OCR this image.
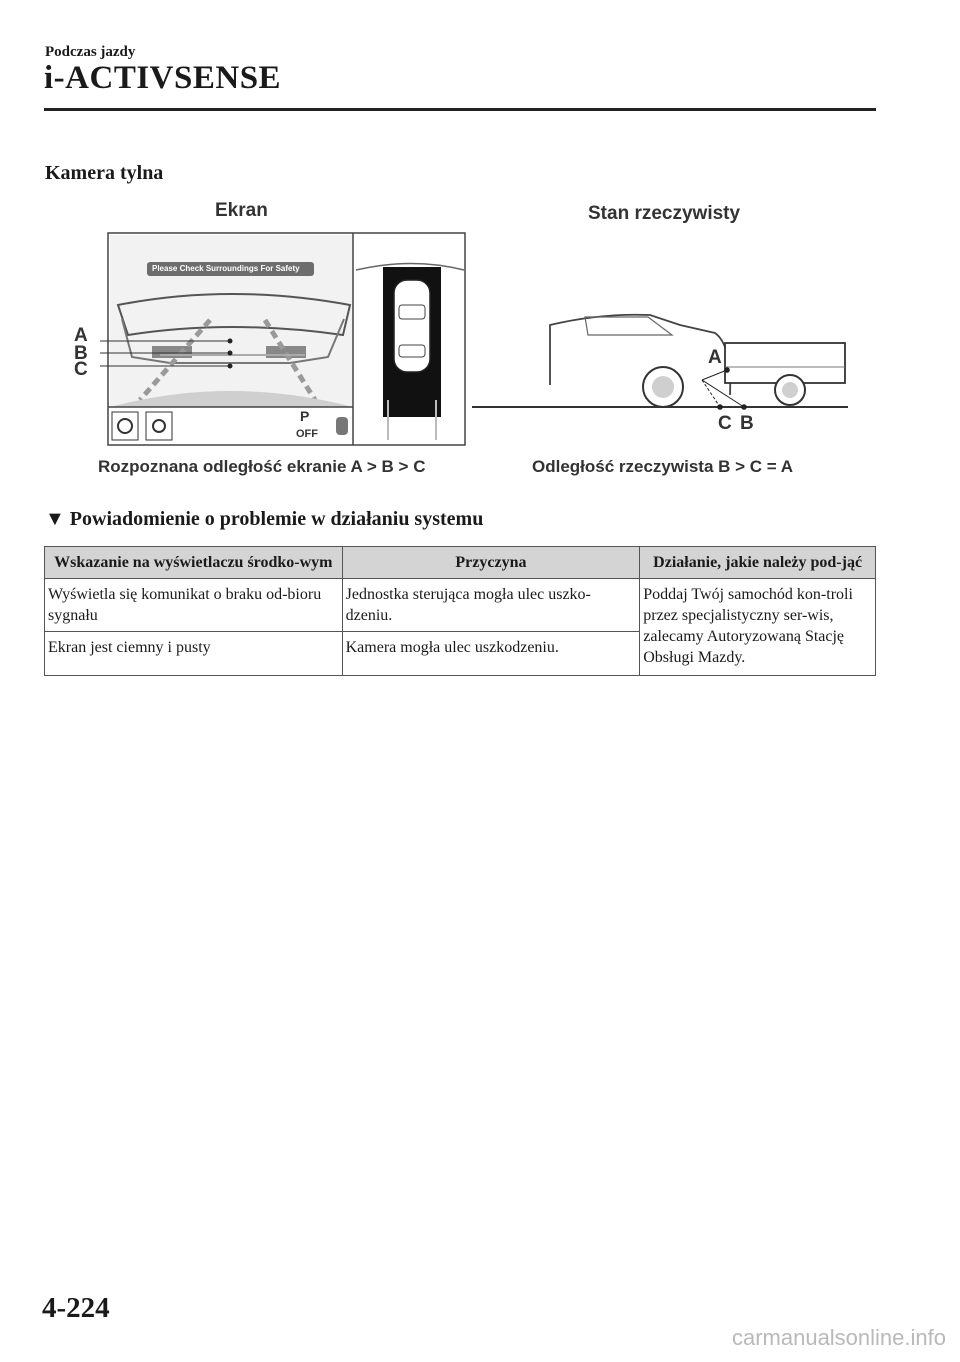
Podczas jazdy
i-ACTIVSENSE
Kamera tylna
Ekran	Stan rzeczywisty
Please Check Surroundings For Safety
P
OFF
A
B
C
A
C B
Rozpoznana odległość ekranie A > B > C	Odległość rzeczywista B > C = A
▼ Powiadomienie o problemie w działaniu systemu
Wskazanie na wyświetlaczu środko-wym	Przyczyna	Działanie, jakie należy pod-jąć
Wyświetla się komunikat o braku od-bioru sygnału	Jednostka sterująca mogła ulec uszko-dzeniu.	Poddaj Twój samochód kon-troli przez specjalistyczny ser-wis, zalecamy Autoryzowaną Stację Obsługi Mazdy.
Ekran jest ciemny i pusty	Kamera mogła ulec uszkodzeniu.	
4-224
carmanualsonline.info
